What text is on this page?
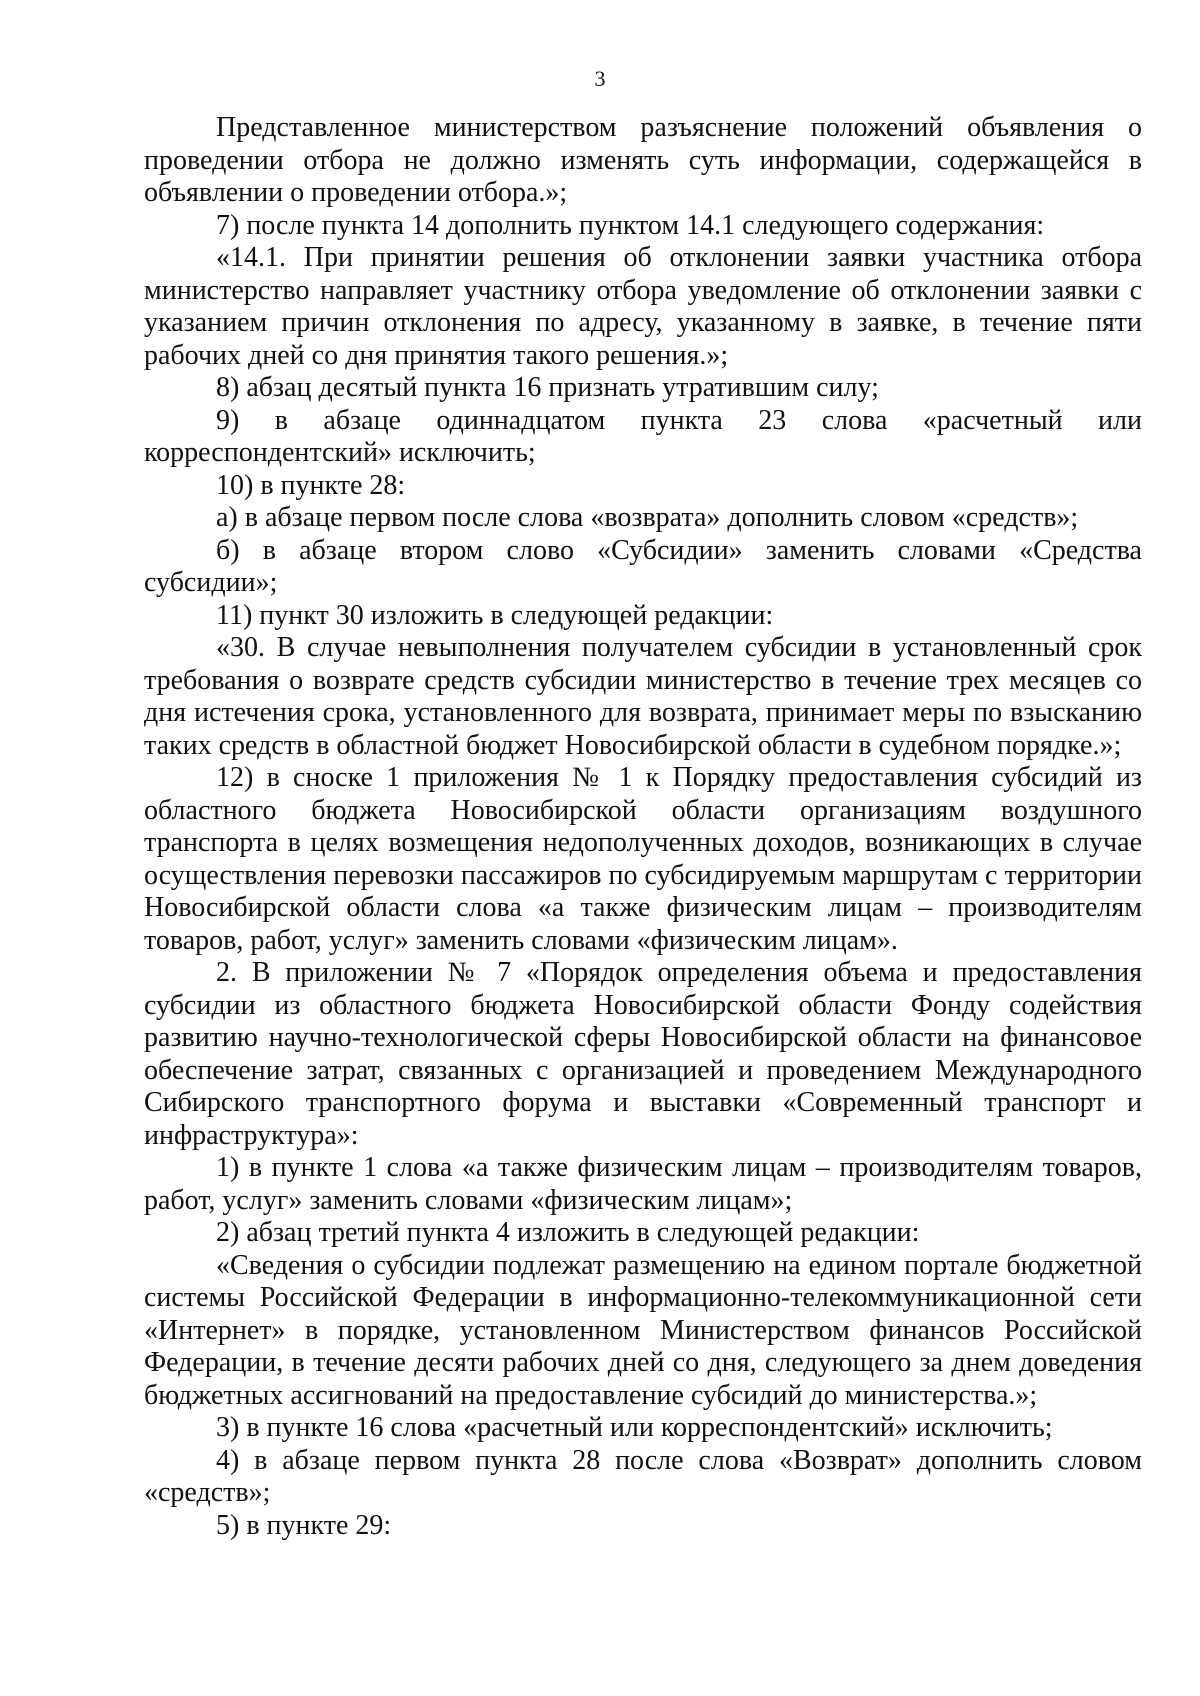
3

Представленное министерством разъяснение положений объявления о проведении отбора не должно изменять суть информации, содержащейся в объявлении о проведении отбора.»;

7) после пункта 14 дополнить пунктом 14.1 следующего содержания:

«14.1. При принятии решения об отклонении заявки участника отбора министерство направляет участнику отбора уведомление об отклонении заявки с указанием причин отклонения по адресу, указанному в заявке, в течение пяти рабочих дней со дня принятия такого решения.»;

8) абзац десятый пункта 16 признать утратившим силу;

9) в абзаце одиннадцатом пункта 23 слова «расчетный или корреспондентский» исключить;

10) в пункте 28:

а) в абзаце первом после слова «возврата» дополнить словом «средств»;

б) в абзаце втором слово «Субсидии» заменить словами «Средства субсидии»;

11) пункт 30 изложить в следующей редакции:

«30. В случае невыполнения получателем субсидии в установленный срок требования о возврате средств субсидии министерство в течение трех месяцев со дня истечения срока, установленного для возврата, принимает меры по взысканию таких средств в областной бюджет Новосибирской области в судебном порядке.»;

12) в сноске 1 приложения № 1 к Порядку предоставления субсидий из областного бюджета Новосибирской области организациям воздушного транспорта в целях возмещения недополученных доходов, возникающих в случае осуществления перевозки пассажиров по субсидируемым маршрутам с территории Новосибирской области слова «а также физическим лицам – производителям товаров, работ, услуг» заменить словами «физическим лицам».

2. В приложении № 7 «Порядок определения объема и предоставления субсидии из областного бюджета Новосибирской области Фонду содействия развитию научно-технологической сферы Новосибирской области на финансовое обеспечение затрат, связанных с организацией и проведением Международного Сибирского транспортного форума и выставки «Современный транспорт и инфраструктура»:

1) в пункте 1 слова «а также физическим лицам – производителям товаров, работ, услуг» заменить словами «физическим лицам»;

2) абзац третий пункта 4 изложить в следующей редакции:

«Сведения о субсидии подлежат размещению на едином портале бюджетной системы Российской Федерации в информационно-телекоммуникационной сети «Интернет» в порядке, установленном Министерством финансов Российской Федерации, в течение десяти рабочих дней со дня, следующего за днем доведения бюджетных ассигнований на предоставление субсидий до министерства.»;

3) в пункте 16 слова «расчетный или корреспондентский» исключить;

4) в абзаце первом пункта 28 после слова «Возврат» дополнить словом «средств»;

5) в пункте 29:
